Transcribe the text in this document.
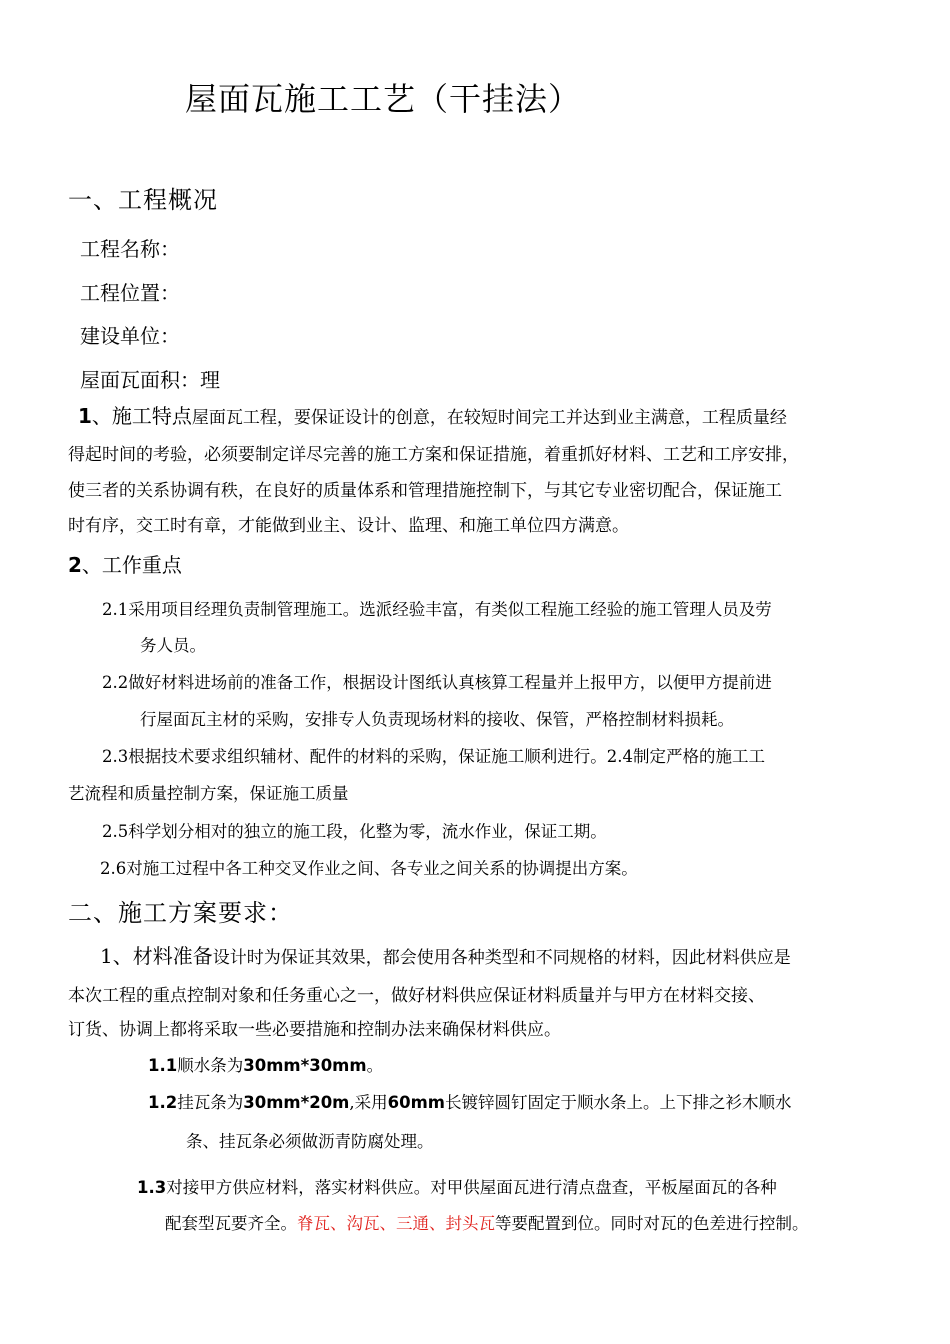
屋面瓦施工工艺（干挂法）
一、工程概况
工程名称：
工程位置：
建设单位：
屋面瓦面积：理
1、施工特点屋面瓦工程，要保证设计的创意，在较短时间完工并达到业主满意，工程质量经
得起时间的考验，必须要制定详尽完善的施工方案和保证措施，着重抓好材料、工艺和工序安排，
使三者的关系协调有秩，在良好的质量体系和管理措施控制下，与其它专业密切配合，保证施工
时有序，交工时有章，才能做到业主、设计、监理、和施工单位四方满意。
2、工作重点
2.1采用项目经理负责制管理施工。选派经验丰富，有类似工程施工经验的施工管理人员及劳
务人员。
2.2做好材料进场前的准备工作，根据设计图纸认真核算工程量并上报甲方，以便甲方提前进
行屋面瓦主材的采购，安排专人负责现场材料的接收、保管，严格控制材料损耗。
2.3根据技术要求组织辅材、配件的材料的采购，保证施工顺利进行。2.4制定严格的施工工
艺流程和质量控制方案，保证施工质量
2.5科学划分相对的独立的施工段，化整为零，流水作业，保证工期。
2.6对施工过程中各工种交叉作业之间、各专业之间关系的协调提出方案。
二、施工方案要求：
1、材料准备设计时为保证其效果，都会使用各种类型和不同规格的材料，因此材料供应是
本次工程的重点控制对象和任务重心之一，做好材料供应保证材料质量并与甲方在材料交接、
订货、协调上都将采取一些必要措施和控制办法来确保材料供应。
1.1顺水条为30mm*30mm。
1.2挂瓦条为30mm*20m,采用60mm长镀锌圆钉固定于顺水条上。上下排之衫木顺水
条、挂瓦条必须做沥青防腐处理。
1.3对接甲方供应材料，落实材料供应。对甲供屋面瓦进行清点盘查，平板屋面瓦的各种
配套型瓦要齐全。脊瓦、沟瓦、三通、封头瓦等要配置到位。同时对瓦的色差进行控制。
